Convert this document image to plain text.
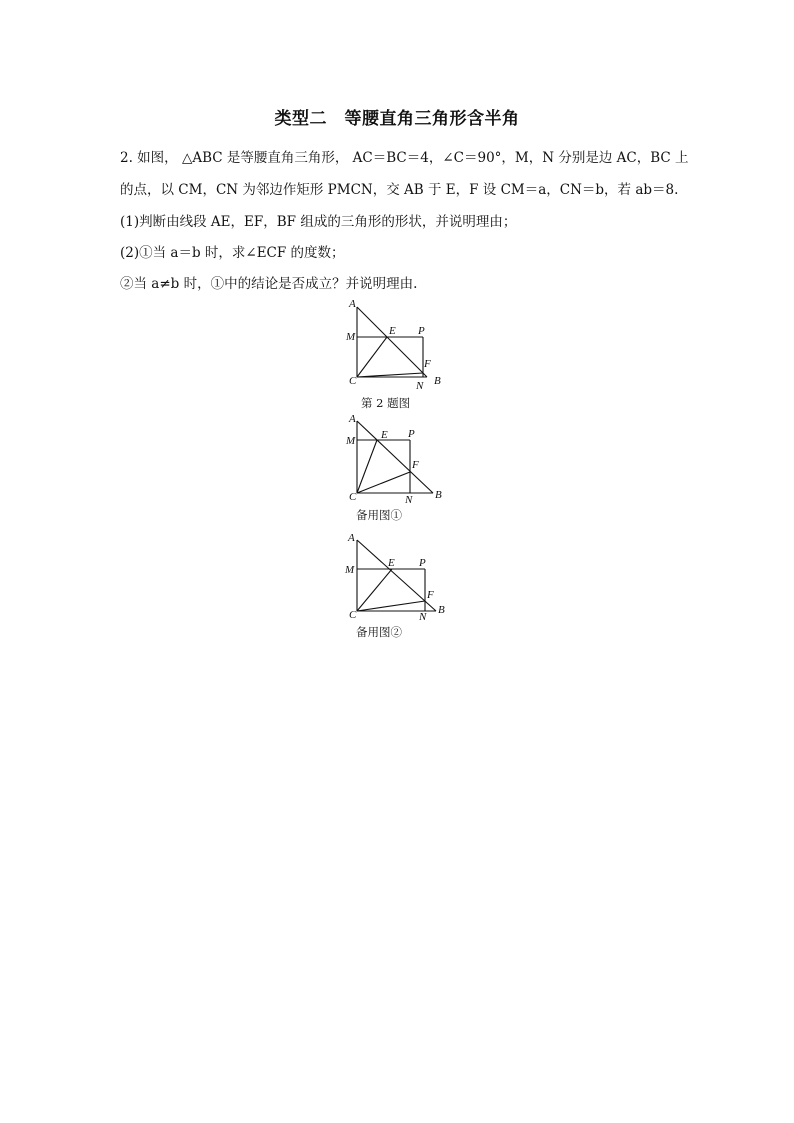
类型二　等腰直角三角形含半角
2. 如图， △ABC 是等腰直角三角形， AC＝BC＝4，∠C＝90°，M，N 分别是边 AC，BC 上
的点，以 CM，CN 为邻边作矩形 PMCN，交 AB 于 E，F 设 CM＝a，CN＝b，若 ab＝8.
(1)判断由线段 AE，EF，BF 组成的三角形的形状，并说明理由；
(2)①当 a＝b 时，求∠ECF 的度数；
②当 a≠b 时，①中的结论是否成立？并说明理由.
A
M	E P
F
C	N B
第 2 题图
A
M E P
F
C	N B
备用图①
A
M
E P
F
C	N
B
备用图②
